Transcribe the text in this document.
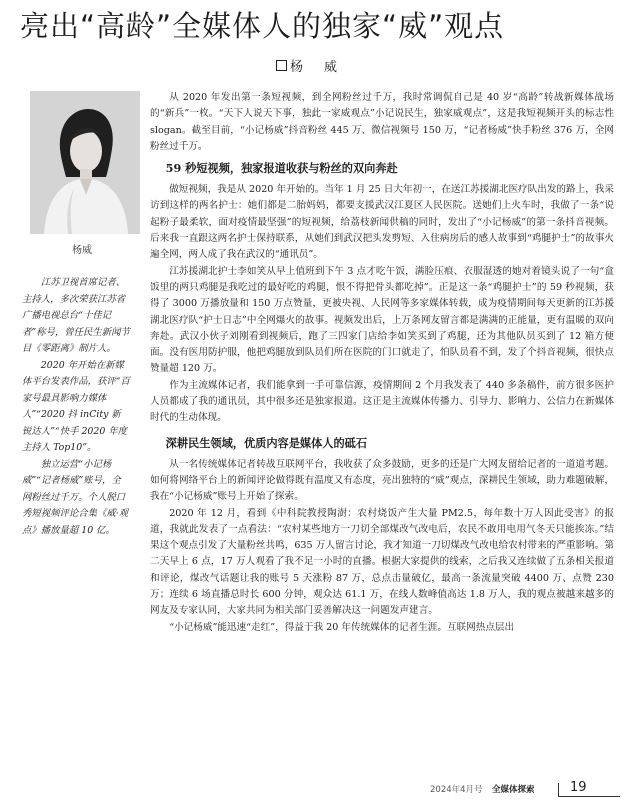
亮出“高龄”全媒体人的独家“威”观点
杨　威
杨威

江苏卫视首席记者、主持人，多次荣获江苏省广播电视总台“十佳记者”称号，曾任民生新闻节目《零距离》制片人。

2020 年开始在新媒体平台发表作品，获评“百家号最具影响力媒体人”“2020 抖 inCity 新锐达人”“快手 2020 年度主持人 Top10”。

独立运营“小记杨威”“记者杨威”账号，全网粉丝过千万。个人脱口秀短视频评论合集《威·观点》播放量超 10 亿。

从 2020 年发出第一条短视频，到全网粉丝过千万，我时常调侃自己是 40 岁“高龄”转战新媒体战场的“新兵”一枚。“天下人说天下事，独此一家威观点”小记说民生，独家威观点”，这是我短视频开头的标志性 slogan。截至目前，“小记杨威”抖音粉丝 445 万、微信视频号 150 万，“记者杨威”快手粉丝 376 万，全网粉丝过千万。

59 秒短视频，独家报道收获与粉丝的双向奔赴

做短视频，我是从 2020 年开始的。当年 1 月 25 日大年初一，在送江苏援湖北医疗队出发的路上，我采访到这样的两名护士：她们都是二胎妈妈，都要支援武汉江夏区人民医院。送她们上火车时，我做了一条“说起粉子最柔软，面对疫情最坚强”的短视频，给荔枝新闻供稿的同时，发出了“小记杨威”的第一条抖音视频。后来我一直跟这两名护士保持联系，从她们到武汉把头发剪短、入住病房后的感人故事到“鸡腿护士”的故事火遍全网，两人成了我在武汉的“通讯员”。

江苏援湖北护士李如笑从早上值班到下午 3 点才吃午饭，满脸压痕、衣服湿透的她对着镜头说了一句“盒饭里的两只鸡腿是我吃过的最好吃的鸡腿，恨不得把骨头都吃掉”。正是这一条“鸡腿护士”的 59 秒视频，获得了 3000 万播放量和 150 万点赞量，更被央视、人民网等多家媒体转载，成为疫情期间每天更新的江苏援湖北医疗队“护士日志”中全网爆火的故事。视频发出后，上万条网友留言都是满满的正能量，更有温暖的双向奔赴。武汉小伙子刘刚看到视频后，跑了三四家门店给李如笑买到了鸡腿，还为其他队员买到了 12 箱方便面。没有医用防护服，他把鸡腿放到队员们所在医院的门口就走了，怕队员看不到，发了个抖音视频，很快点赞量超 120 万。

作为主流媒体记者，我们能拿到一手可靠信源，疫情期间 2 个月我发表了 440 多条稿件，前方很多医护人员都成了我的通讯员，其中很多还是独家报道。这正是主流媒体传播力、引导力、影响力、公信力在新媒体时代的生动体现。

深耕民生领域，优质内容是媒体人的砥石

从一名传统媒体记者转战互联网平台，我收获了众多鼓励，更多的还是广大网友留给记者的一道道考题。如何将网络平台上的新闻评论做得既有温度又有态度，亮出独特的“威”观点，深耕民生领域，助力难题破解，我在“小记杨威”账号上开始了探索。

2020 年 12 月，看到《中科院教授陶澍：农村烧饭产生大量 PM2.5，每年数十万人因此受害》的报道，我就此发表了一点看法：“农村某些地方一刀切全部煤改气改电后，农民不敢用电用气冬天只能挨冻。”结果这个观点引发了大量粉丝共鸣，635 万人留言讨论，我才知道一刀切煤改气改电给农村带来的严重影响。第二天早上 6 点，17 万人观看了我不足一小时的直播。根据大家提供的线索，之后我又连续做了五条相关报道和评论，煤改气话题让我的账号 5 天涨粉 87 万，总点击量破亿，最高一条流量突破 4400 万、点赞 230 万；连续 6 场直播总时长 600 分钟，观众达 61.1 万，在线人数峰值高达 1.8 万人，我的观点被越来越多的网友及专家认同，大家共同为相关部门妥善解决这一问题发声建言。

“小记杨威”能迅速“走红”，得益于我 20 年传统媒体的记者生涯。互联网热点层出

2024年4月号 全媒体探索	19
